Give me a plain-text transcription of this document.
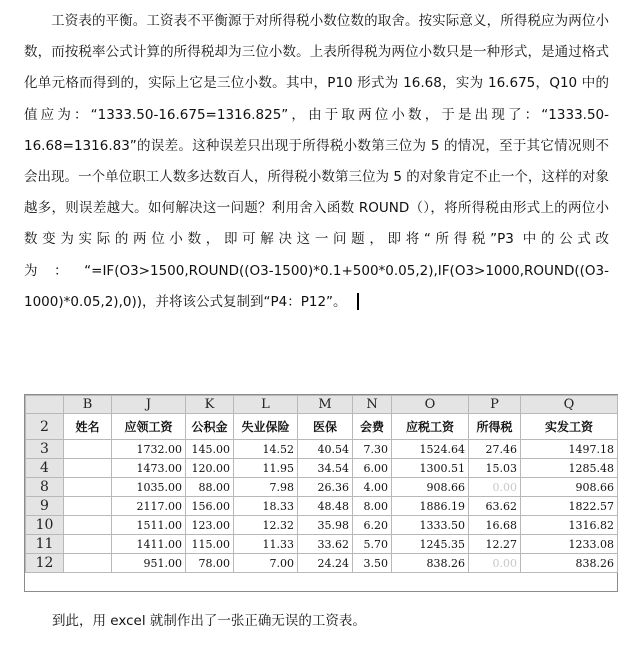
工资表的平衡。工资表不平衡源于对所得税小数位数的取舍。按实际意义，所得税应为两位小数，而按税率公式计算的所得税却为三位小数。上表所得税为两位小数只是一种形式，是通过格式化单元格而得到的，实际上它是三位小数。其中，P10 形式为 16.68，实为 16.675，Q10 中的值应为：“1333.50-16.675=1316.825”，由于取两位小数，于是出现了：“1333.50-16.68=1316.83”的误差。这种误差只出现于所得税小数第三位为 5 的情况，至于其它情况则不会出现。一个单位职工人数多达数百人，所得税小数第三位为 5 的对象肯定不止一个，这样的对象越多，则误差越大。如何解决这一问题？利用舍入函数 ROUND（），将所得税由形式上的两位小数变为实际的两位小数，即可解决这一问题，即将“所得税”P3 中的公式改为：“=IF(O3>1500,ROUND((O3-1500)*0.1+500*0.05,2),IF(O3>1000,ROUND((O3-1000)*0.05,2),0))，并将该公式复制到“P4：P12”。

	B	J	K	L	M	N	O	P	Q
2	姓名	应领工资	公积金	失业保险	医保	会费	应税工资	所得税	实发工资
3		1732.00	145.00	14.52	40.54	7.30	1524.64	27.46	1497.18
4		1473.00	120.00	11.95	34.54	6.00	1300.51	15.03	1285.48
8		1035.00	88.00	7.98	26.36	4.00	908.66	0.00	908.66
9		2117.00	156.00	18.33	48.48	8.00	1886.19	63.62	1822.57
10		1511.00	123.00	12.32	35.98	6.20	1333.50	16.68	1316.82
11		1411.00	115.00	11.33	33.62	5.70	1245.35	12.27	1233.08
12		951.00	78.00	7.00	24.24	3.50	838.26	0.00	838.26

到此，用 excel 就制作出了一张正确无误的工资表。
